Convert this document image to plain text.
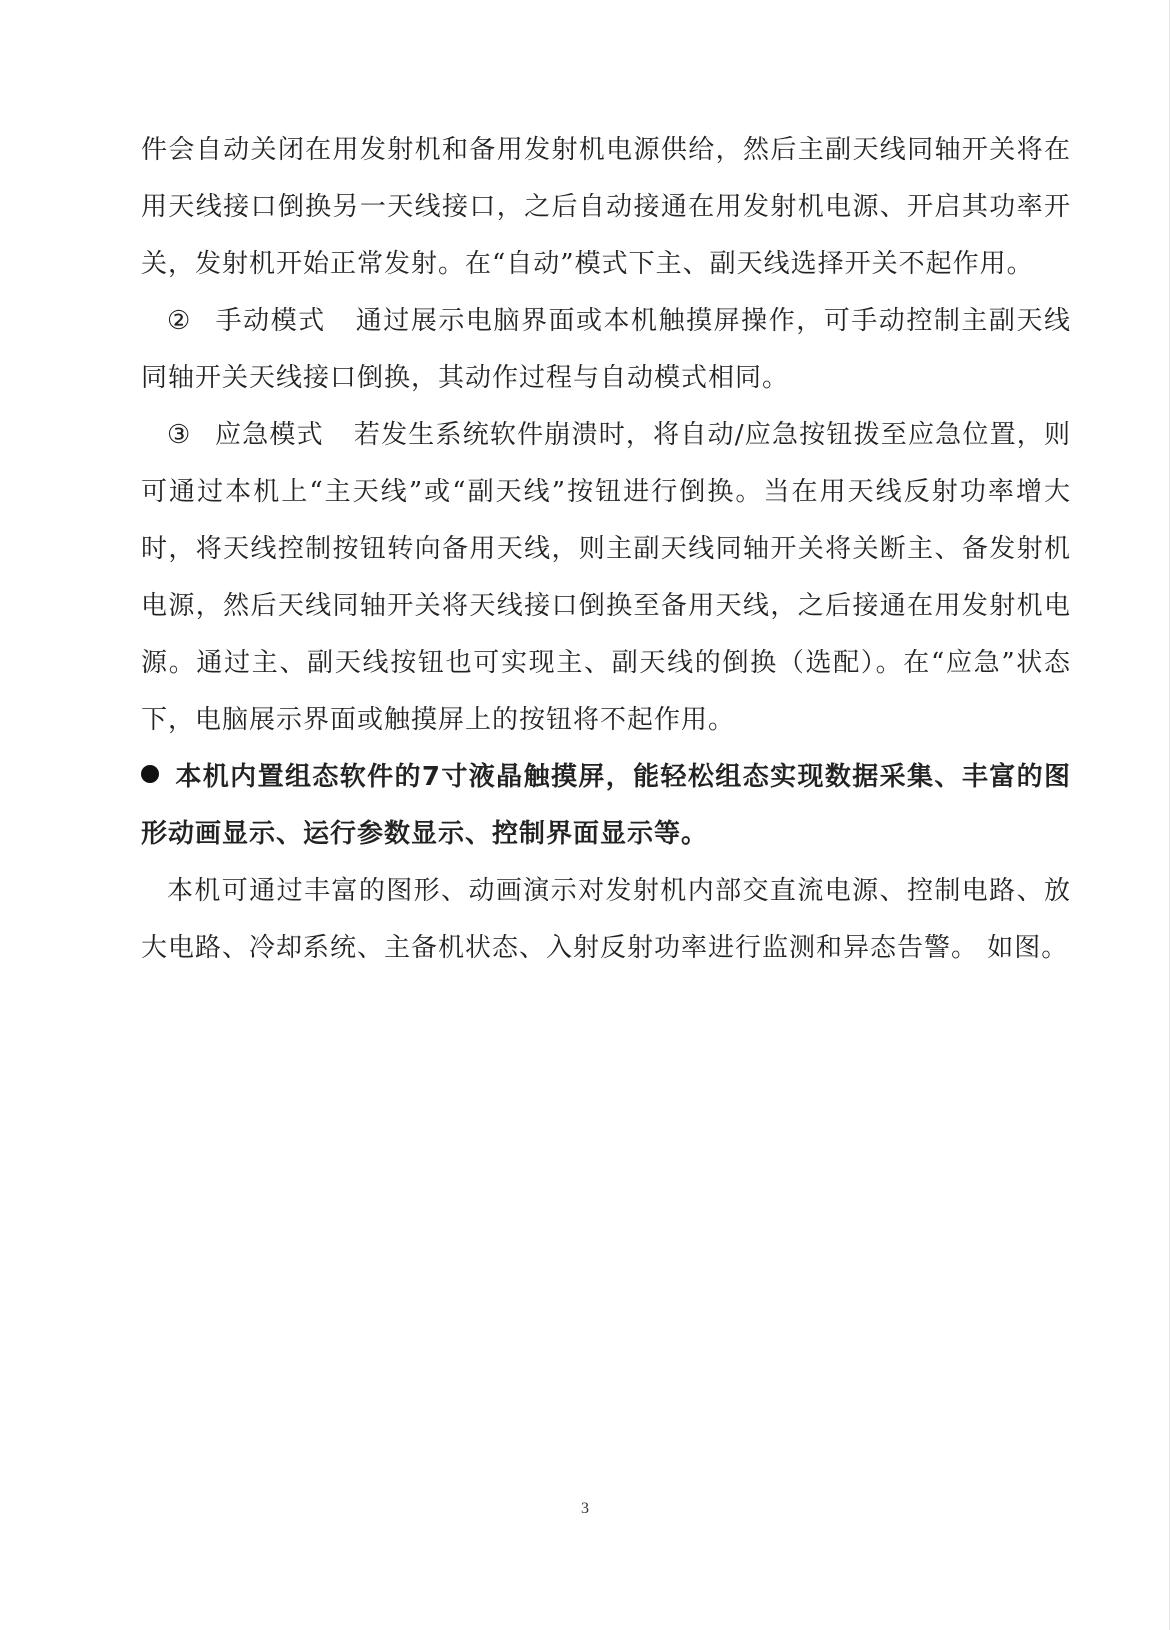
件会自动关闭在用发射机和备用发射机电源供给，然后主副天线同轴开关将在用天线接口倒换另一天线接口，之后自动接通在用发射机电源、开启其功率开关，发射机开始正常发射。在“自动”模式下主、副天线选择开关不起作用。

② 手动模式 通过展示电脑界面或本机触摸屏操作，可手动控制主副天线同轴开关天线接口倒换，其动作过程与自动模式相同。

③ 应急模式 若发生系统软件崩溃时，将自动/应急按钮拨至应急位置，则可通过本机上“主天线”或“副天线”按钮进行倒换。当在用天线反射功率增大时，将天线控制按钮转向备用天线，则主副天线同轴开关将关断主、备发射机电源，然后天线同轴开关将天线接口倒换至备用天线，之后接通在用发射机电源。通过主、副天线按钮也可实现主、副天线的倒换（选配）。在“应急”状态下，电脑展示界面或触摸屏上的按钮将不起作用。

本机内置组态软件的7寸液晶触摸屏，能轻松组态实现数据采集、丰富的图形动画显示、运行参数显示、控制界面显示等。

本机可通过丰富的图形、动画演示对发射机内部交直流电源、控制电路、放大电路、冷却系统、主备机状态、入射反射功率进行监测和异态告警。 如图。

3
